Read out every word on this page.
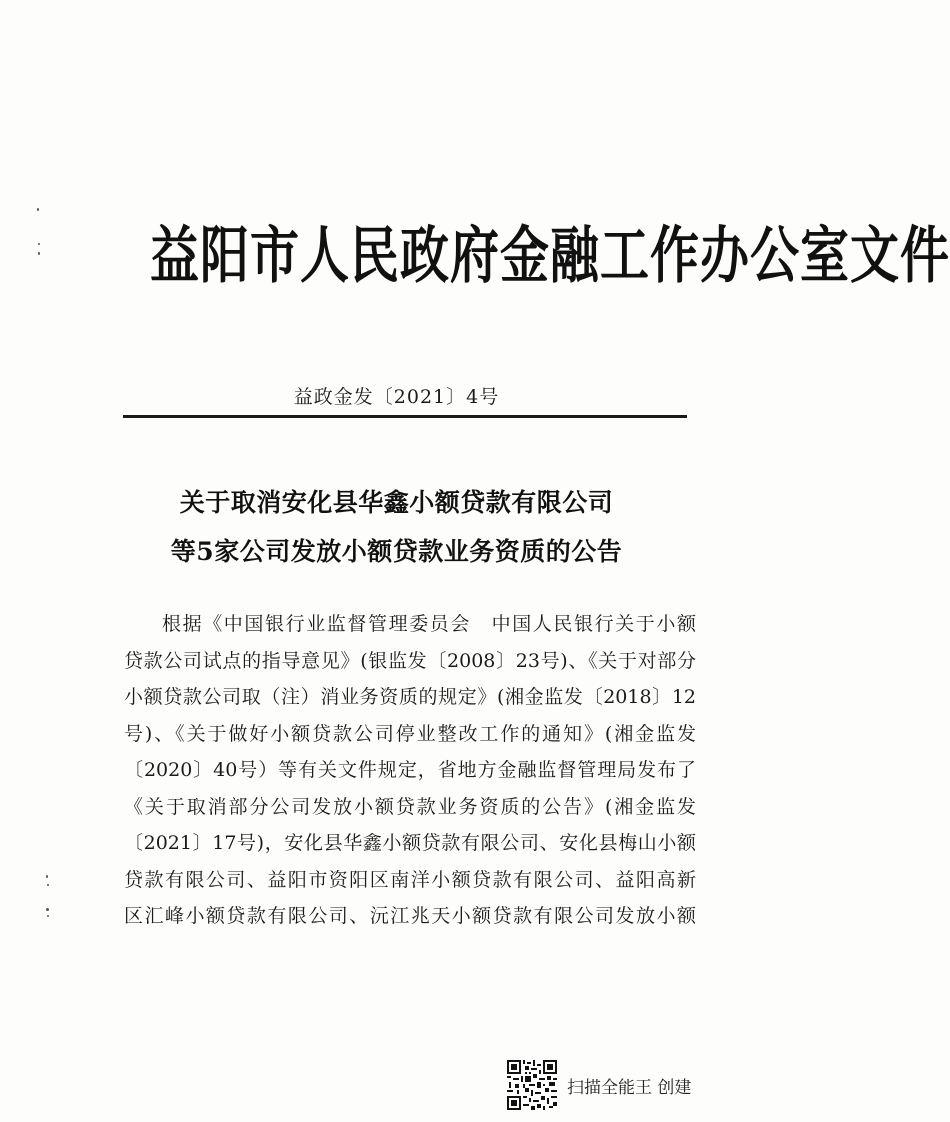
益阳市人民政府金融工作办公室文件
益政金发〔2021〕4号
关于取消安化县华鑫小额贷款有限公司
等5家公司发放小额贷款业务资质的公告
根据《中国银行业监督管理委员会　中国人民银行关于小额
贷款公司试点的指导意见》(银监发〔2008〕23号)、《关于对部分
小额贷款公司取（注）消业务资质的规定》(湘金监发〔2018〕12
号)、《关于做好小额贷款公司停业整改工作的通知》(湘金监发
〔2020〕40号）等有关文件规定，省地方金融监督管理局发布了
《关于取消部分公司发放小额贷款业务资质的公告》(湘金监发
〔2021〕17号)，安化县华鑫小额贷款有限公司、安化县梅山小额
贷款有限公司、益阳市资阳区南洋小额贷款有限公司、益阳高新
区汇峰小额贷款有限公司、沅江兆天小额贷款有限公司发放小额
扫描全能王 创建
